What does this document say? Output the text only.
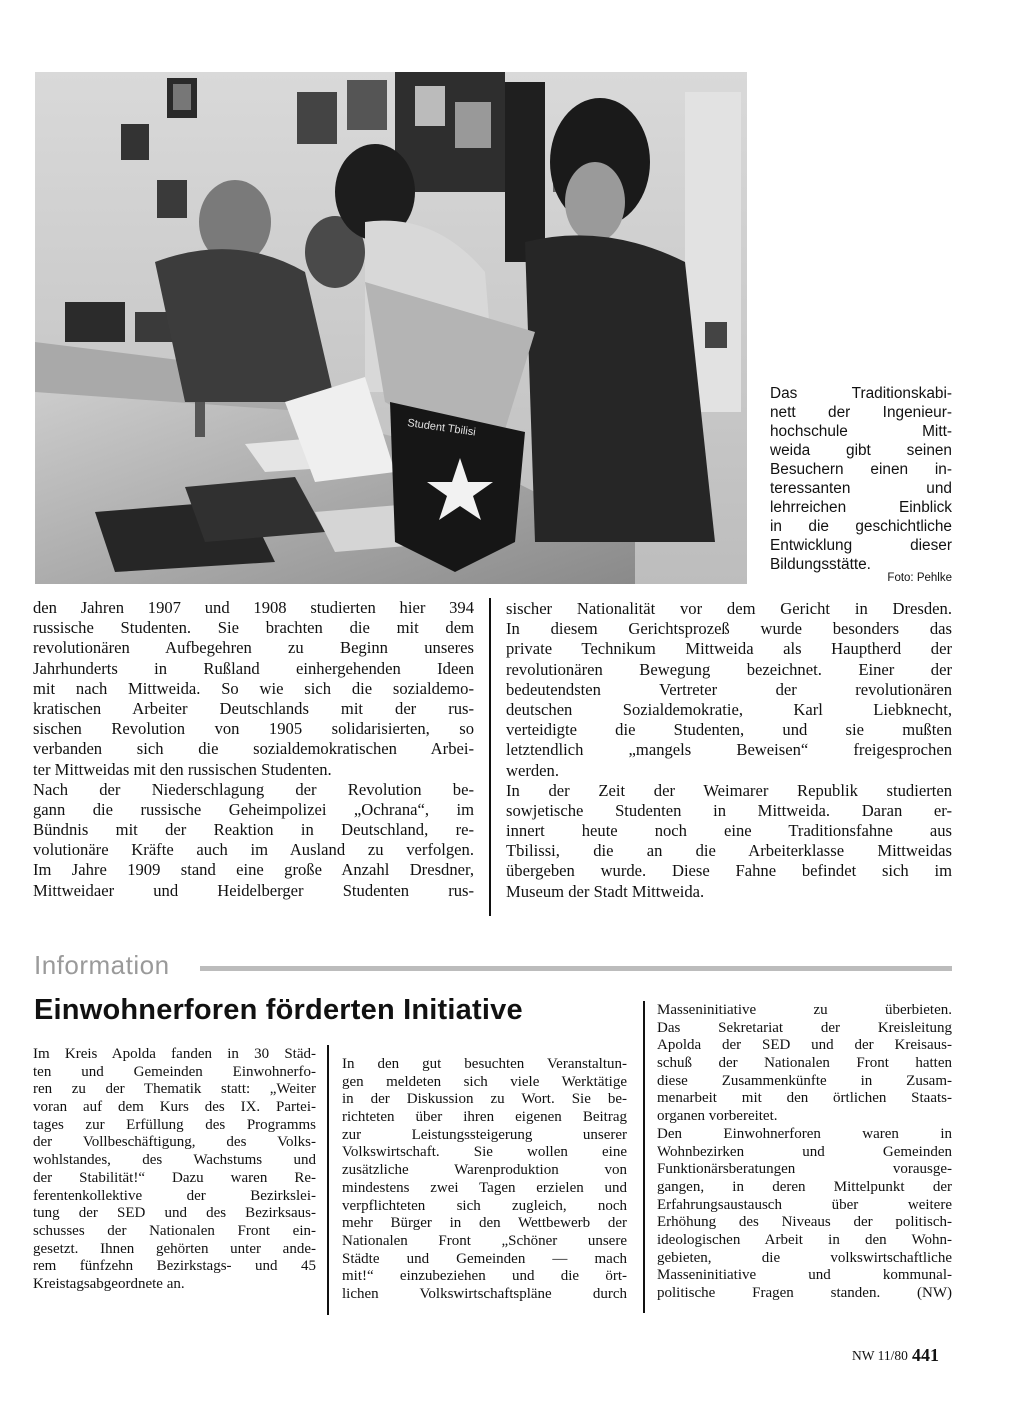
Student Tbilisi
Das Traditionskabi-
nett der Ingenieur-
hochschule Mitt-
weida gibt seinen
Besuchern einen in-
teressanten und
lehrreichen Einblick
in die geschichtliche
Entwicklung dieser
Bildungsstätte.
Foto: Pehlke
den Jahren 1907 und 1908 studierten hier 394
russische Studenten. Sie brachten die mit dem
revolutionären Aufbegehren zu Beginn unseres
Jahrhunderts in Rußland einhergehenden Ideen
mit nach Mittweida. So wie sich die sozialdemo-
kratischen Arbeiter Deutschlands mit der rus-
sischen Revolution von 1905 solidarisierten, so
verbanden sich die sozialdemokratischen Arbei-
ter Mittweidas mit den russischen Studenten.
Nach der Niederschlagung der Revolution be-
gann die russische Geheimpolizei „Ochrana“, im
Bündnis mit der Reaktion in Deutschland, re-
volutionäre Kräfte auch im Ausland zu verfolgen.
Im Jahre 1909 stand eine große Anzahl Dresdner,
Mittweidaer und Heidelberger Studenten rus-
sischer Nationalität vor dem Gericht in Dresden.
In diesem Gerichtsprozeß wurde besonders das
private Technikum Mittweida als Hauptherd der
revolutionären Bewegung bezeichnet. Einer der
bedeutendsten Vertreter der revolutionären
deutschen Sozialdemokratie, Karl Liebknecht,
verteidigte die Studenten, und sie mußten
letztendlich „mangels Beweisen“ freigesprochen
werden.
In der Zeit der Weimarer Republik studierten
sowjetische Studenten in Mittweida. Daran er-
innert heute noch eine Traditionsfahne aus
Tbilissi, die an die Arbeiterklasse Mittweidas
übergeben wurde. Diese Fahne befindet sich im
Museum der Stadt Mittweida.
Information
Einwohnerforen förderten Initiative
Im Kreis Apolda fanden in 30 Städ-
ten und Gemeinden Einwohnerfo-
ren zu der Thematik statt: „Weiter
voran auf dem Kurs des IX. Partei-
tages zur Erfüllung des Programms
der Vollbeschäftigung, des Volks-
wohlstandes, des Wachstums und
der Stabilität!“ Dazu waren Re-
ferentenkollektive der Bezirkslei-
tung der SED und des Bezirksaus-
schusses der Nationalen Front ein-
gesetzt. Ihnen gehörten unter ande-
rem fünfzehn Bezirkstags- und 45
Kreistagsabgeordnete an.
In den gut besuchten Veranstaltun-
gen meldeten sich viele Werktätige
in der Diskussion zu Wort. Sie be-
richteten über ihren eigenen Beitrag
zur Leistungssteigerung unserer
Volkswirtschaft. Sie wollen eine
zusätzliche Warenproduktion von
mindestens zwei Tagen erzielen und
verpflichteten sich zugleich, noch
mehr Bürger in den Wettbewerb der
Nationalen Front „Schöner unsere
Städte und Gemeinden — mach
mit!“ einzubeziehen und die ört-
lichen Volkswirtschaftspläne durch
Masseninitiative zu überbieten.
Das Sekretariat der Kreisleitung
Apolda der SED und der Kreisaus-
schuß der Nationalen Front hatten
diese Zusammenkünfte in Zusam-
menarbeit mit den örtlichen Staats-
organen vorbereitet.
Den Einwohnerforen waren in
Wohnbezirken und Gemeinden
Funktionärsberatungen vorausge-
gangen, in deren Mittelpunkt der
Erfahrungsaustausch über weitere
Erhöhung des Niveaus der politisch-
ideologischen Arbeit in den Wohn-
gebieten, die volkswirtschaftliche
Masseninitiative und kommunal-
politische Fragen standen. (NW)
NW 11/80 441
